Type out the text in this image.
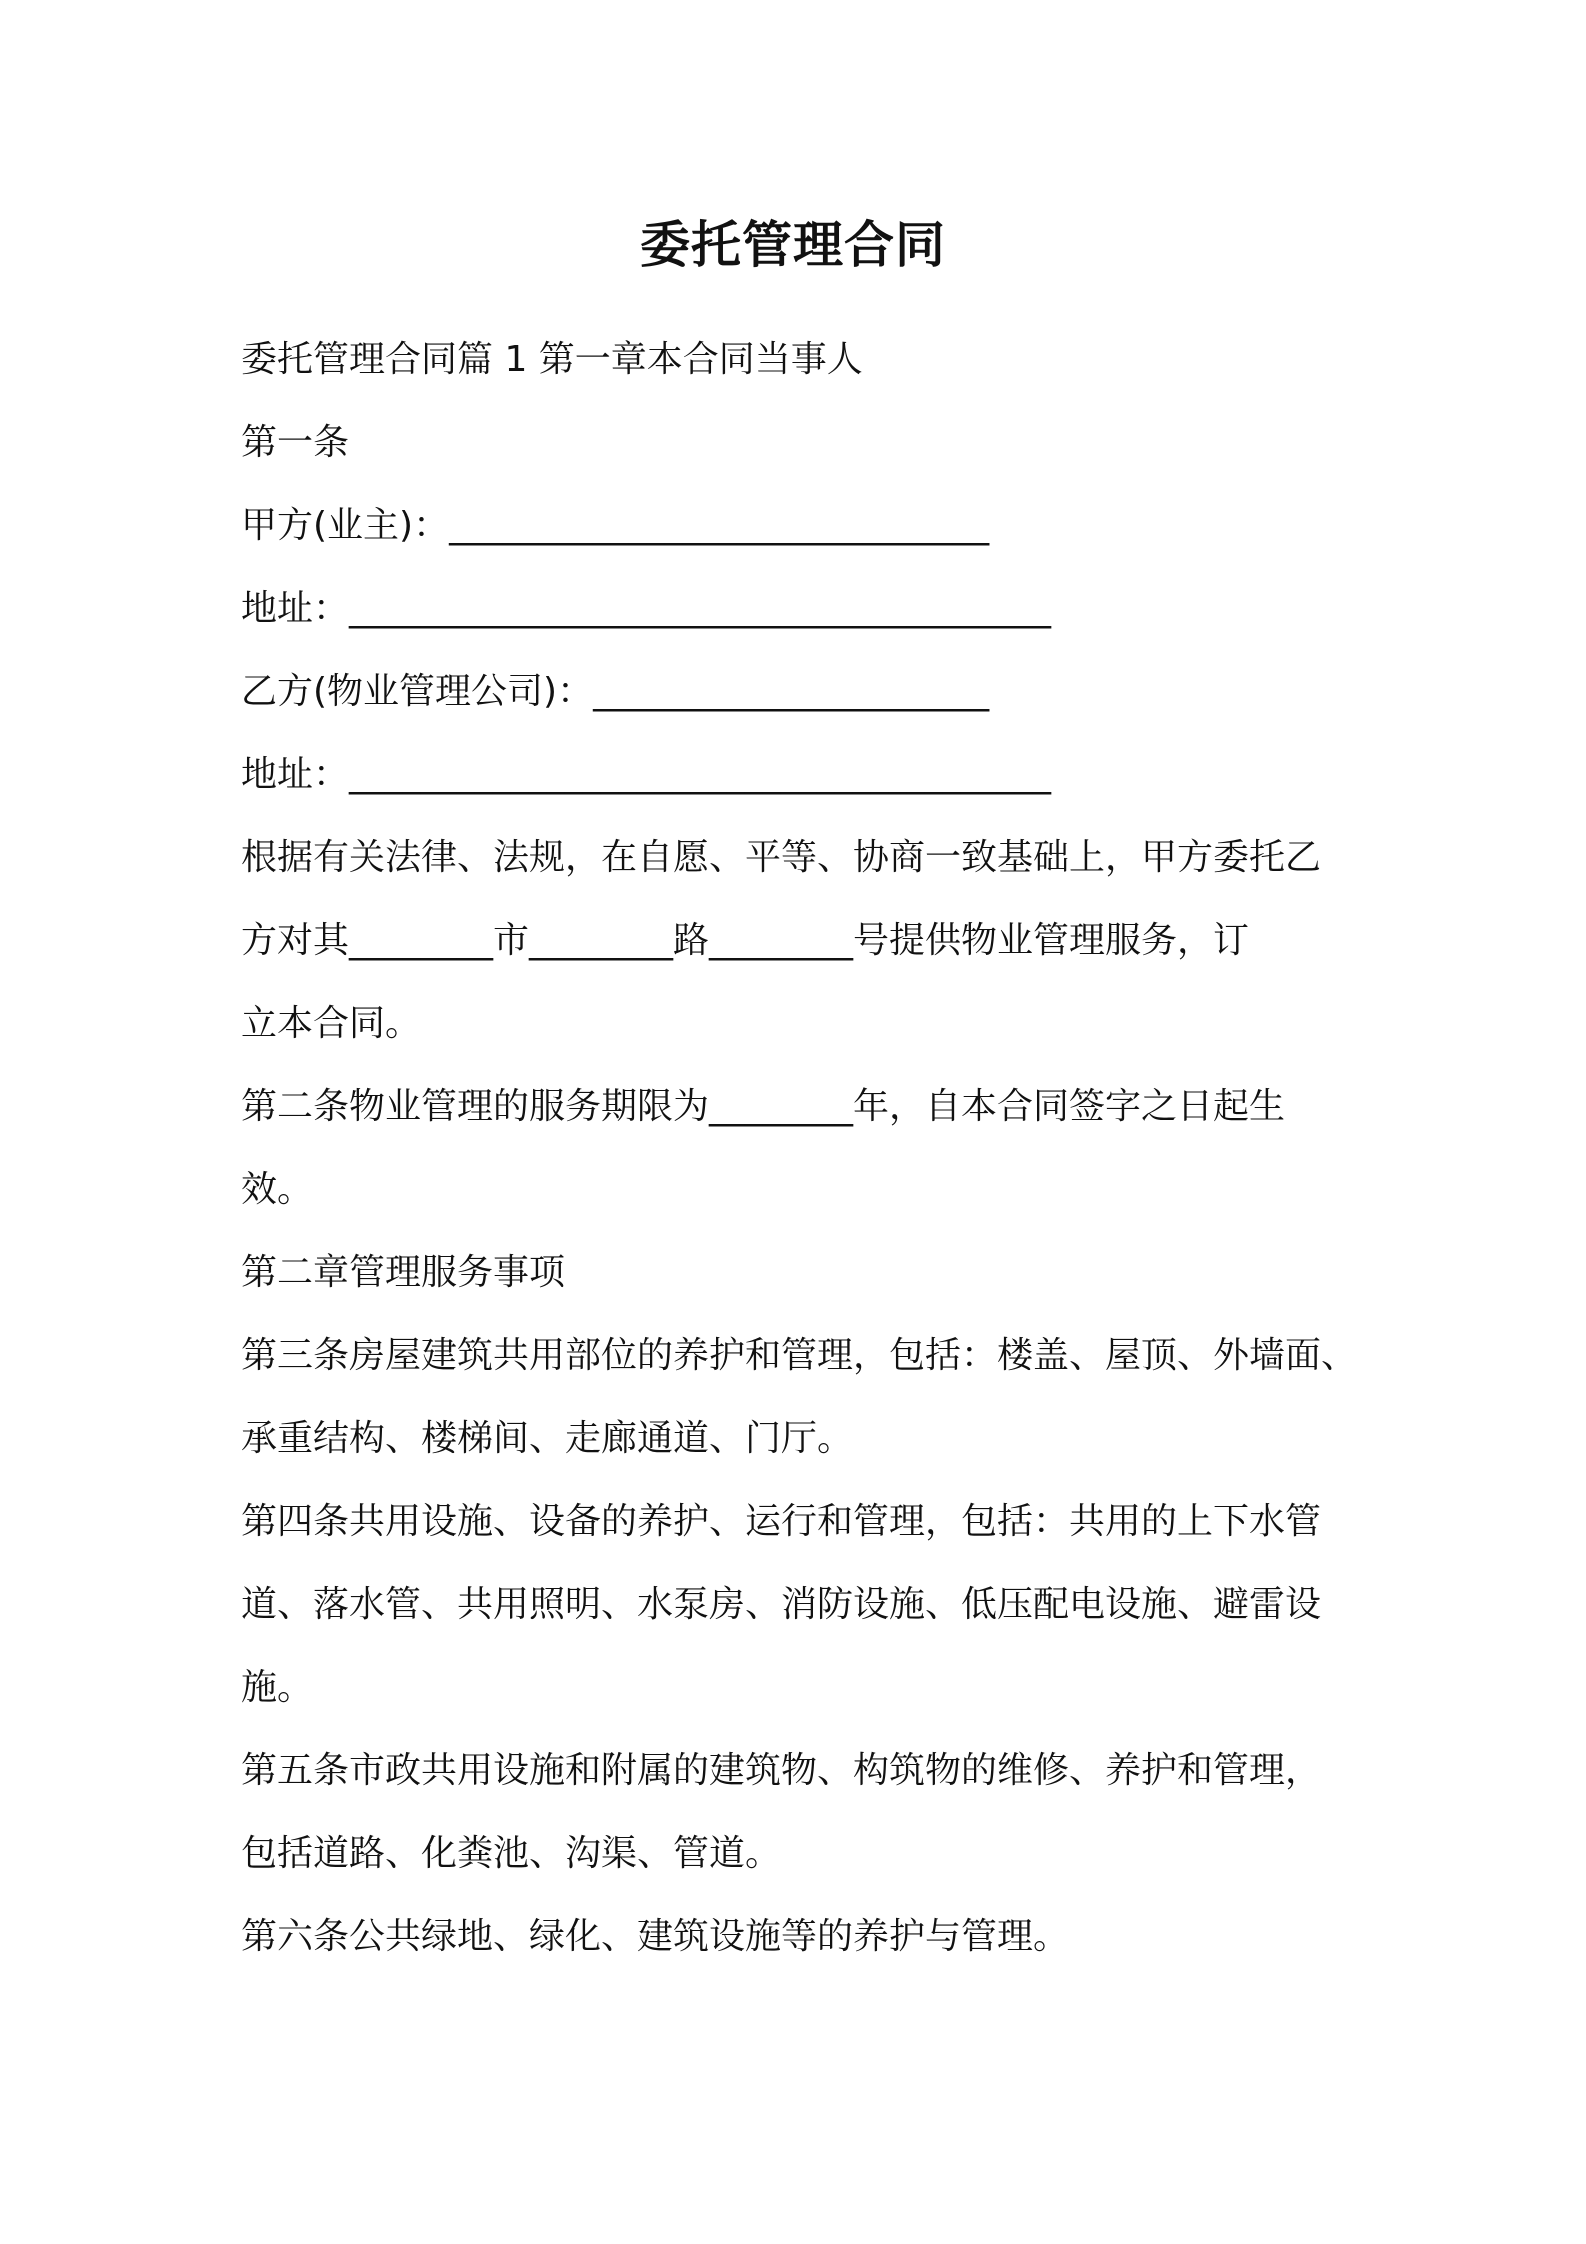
委托管理合同
委托管理合同篇 1 第一章本合同当事人
第一条
甲方(业主)：______________________________
地址：_______________________________________
乙方(物业管理公司)：______________________
地址：_______________________________________
根据有关法律、法规，在自愿、平等、协商一致基础上，甲方委托乙
方对其________市________路________号提供物业管理服务，订
立本合同。
第二条物业管理的服务期限为________年，自本合同签字之日起生
效。
第二章管理服务事项
第三条房屋建筑共用部位的养护和管理，包括：楼盖、屋顶、外墙面、
承重结构、楼梯间、走廊通道、门厅。
第四条共用设施、设备的养护、运行和管理，包括：共用的上下水管
道、落水管、共用照明、水泵房、消防设施、低压配电设施、避雷设
施。
第五条市政共用设施和附属的建筑物、构筑物的维修、养护和管理，
包括道路、化粪池、沟渠、管道。
第六条公共绿地、绿化、建筑设施等的养护与管理。
